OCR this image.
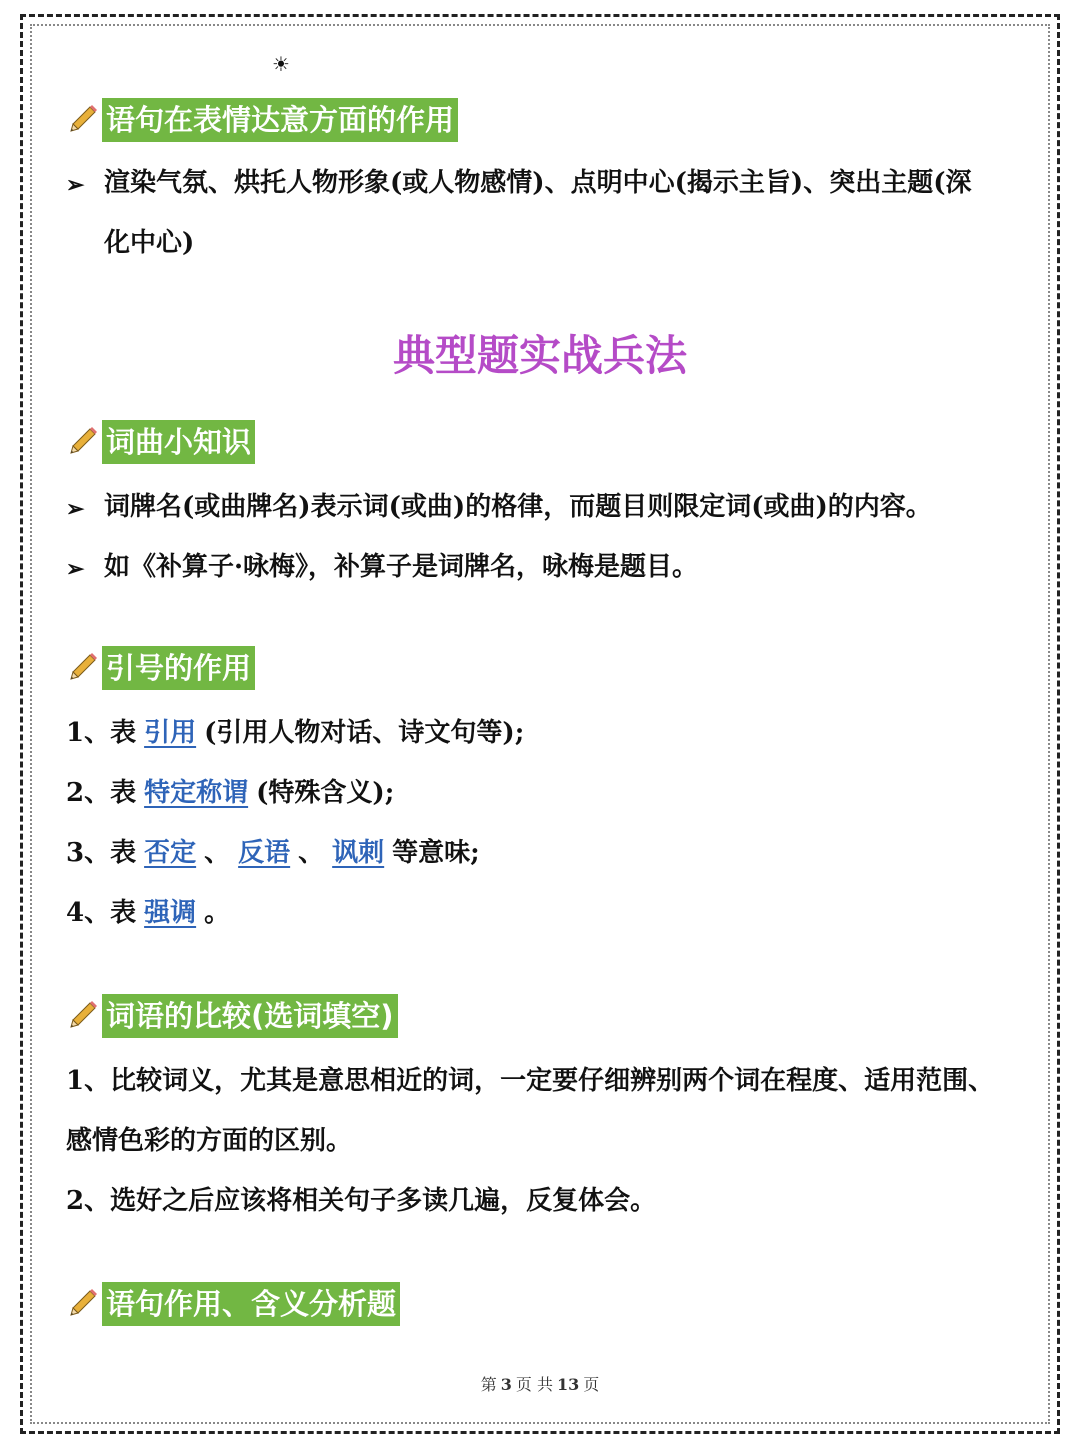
☀
语句在表情达意方面的作用
➢ 渲染气氛、烘托人物形象(或人物感情)、点明中心(揭示主旨)、突出主题(深
化中心)
典型题实战兵法
词曲小知识
➢ 词牌名(或曲牌名)表示词(或曲)的格律，而题目则限定词(或曲)的内容。
➢ 如《补算子·咏梅》，补算子是词牌名，咏梅是题目。
引号的作用
1、表 引用 (引用人物对话、诗文句等);
2、表 特定称谓 (特殊含义);
3、表 否定 、 反语 、 讽刺 等意味;
4、表 强调 。
词语的比较(选词填空)
1、比较词义，尤其是意思相近的词，一定要仔细辨别两个词在程度、适用范围、
感情色彩的方面的区别。
2、选好之后应该将相关句子多读几遍，反复体会。
语句作用、含义分析题
第 3 页 共 13 页
